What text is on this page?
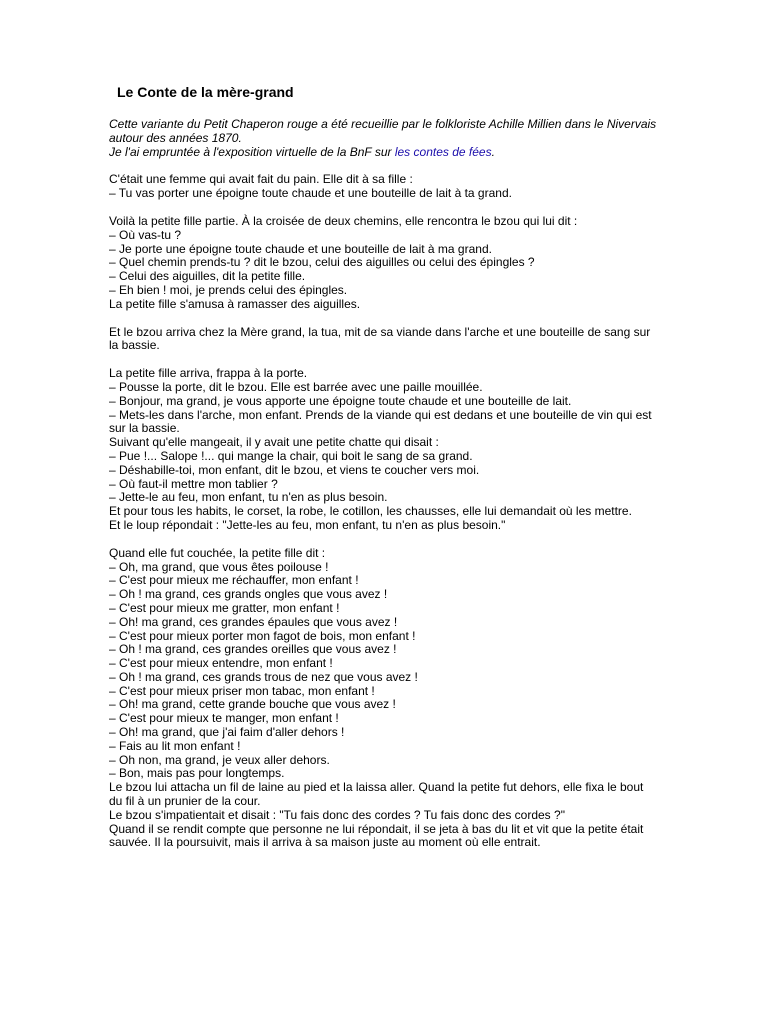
Le Conte de la mère-grand
Cette variante du Petit Chaperon rouge a été recueillie par le folkloriste Achille Millien dans le Nivervais autour des années 1870.
Je l'ai empruntée à l'exposition virtuelle de la BnF sur les contes de fées.
C'était une femme qui avait fait du pain. Elle dit à sa fille :
– Tu vas porter une époigne toute chaude et une bouteille de lait à ta grand.
Voilà la petite fille partie. À la croisée de deux chemins, elle rencontra le bzou qui lui dit :
– Où vas-tu ?
– Je porte une époigne toute chaude et une bouteille de lait à ma grand.
– Quel chemin prends-tu ? dit le bzou, celui des aiguilles ou celui des épingles ?
– Celui des aiguilles, dit la petite fille.
– Eh bien ! moi, je prends celui des épingles.
La petite fille s'amusa à ramasser des aiguilles.
Et le bzou arriva chez la Mère grand, la tua, mit de sa viande dans l'arche et une bouteille de sang sur la bassie.
La petite fille arriva, frappa à la porte.
– Pousse la porte, dit le bzou. Elle est barrée avec une paille mouillée.
– Bonjour, ma grand, je vous apporte une époigne toute chaude et une bouteille de lait.
– Mets-les dans l'arche, mon enfant. Prends de la viande qui est dedans et une bouteille de vin qui est sur la bassie.
Suivant qu'elle mangeait, il y avait une petite chatte qui disait :
– Pue !... Salope !... qui mange la chair, qui boit le sang de sa grand.
– Déshabille-toi, mon enfant, dit le bzou, et viens te coucher vers moi.
– Où faut-il mettre mon tablier ?
– Jette-le au feu, mon enfant, tu n'en as plus besoin.
Et pour tous les habits, le corset, la robe, le cotillon, les chausses, elle lui demandait où les mettre.
Et le loup répondait : "Jette-les au feu, mon enfant, tu n'en as plus besoin."
Quand elle fut couchée, la petite fille dit :
– Oh, ma grand, que vous êtes poilouse !
– C'est pour mieux me réchauffer, mon enfant !
– Oh ! ma grand, ces grands ongles que vous avez !
– C'est pour mieux me gratter, mon enfant !
– Oh! ma grand, ces grandes épaules que vous avez !
– C'est pour mieux porter mon fagot de bois, mon enfant !
– Oh ! ma grand, ces grandes oreilles que vous avez !
– C'est pour mieux entendre, mon enfant !
– Oh ! ma grand, ces grands trous de nez que vous avez !
– C'est pour mieux priser mon tabac, mon enfant !
– Oh! ma grand, cette grande bouche que vous avez !
– C'est pour mieux te manger, mon enfant !
– Oh! ma grand, que j'ai faim d'aller dehors !
– Fais au lit mon enfant !
– Oh non, ma grand, je veux aller dehors.
– Bon, mais pas pour longtemps.
Le bzou lui attacha un fil de laine au pied et la laissa aller. Quand la petite fut dehors, elle fixa le bout du fil à un prunier de la cour.
Le bzou s'impatientait et disait : "Tu fais donc des cordes ? Tu fais donc des cordes ?"
Quand il se rendit compte que personne ne lui répondait, il se jeta à bas du lit et vit que la petite était sauvée. Il la poursuivit, mais il arriva à sa maison juste au moment où elle entrait.
